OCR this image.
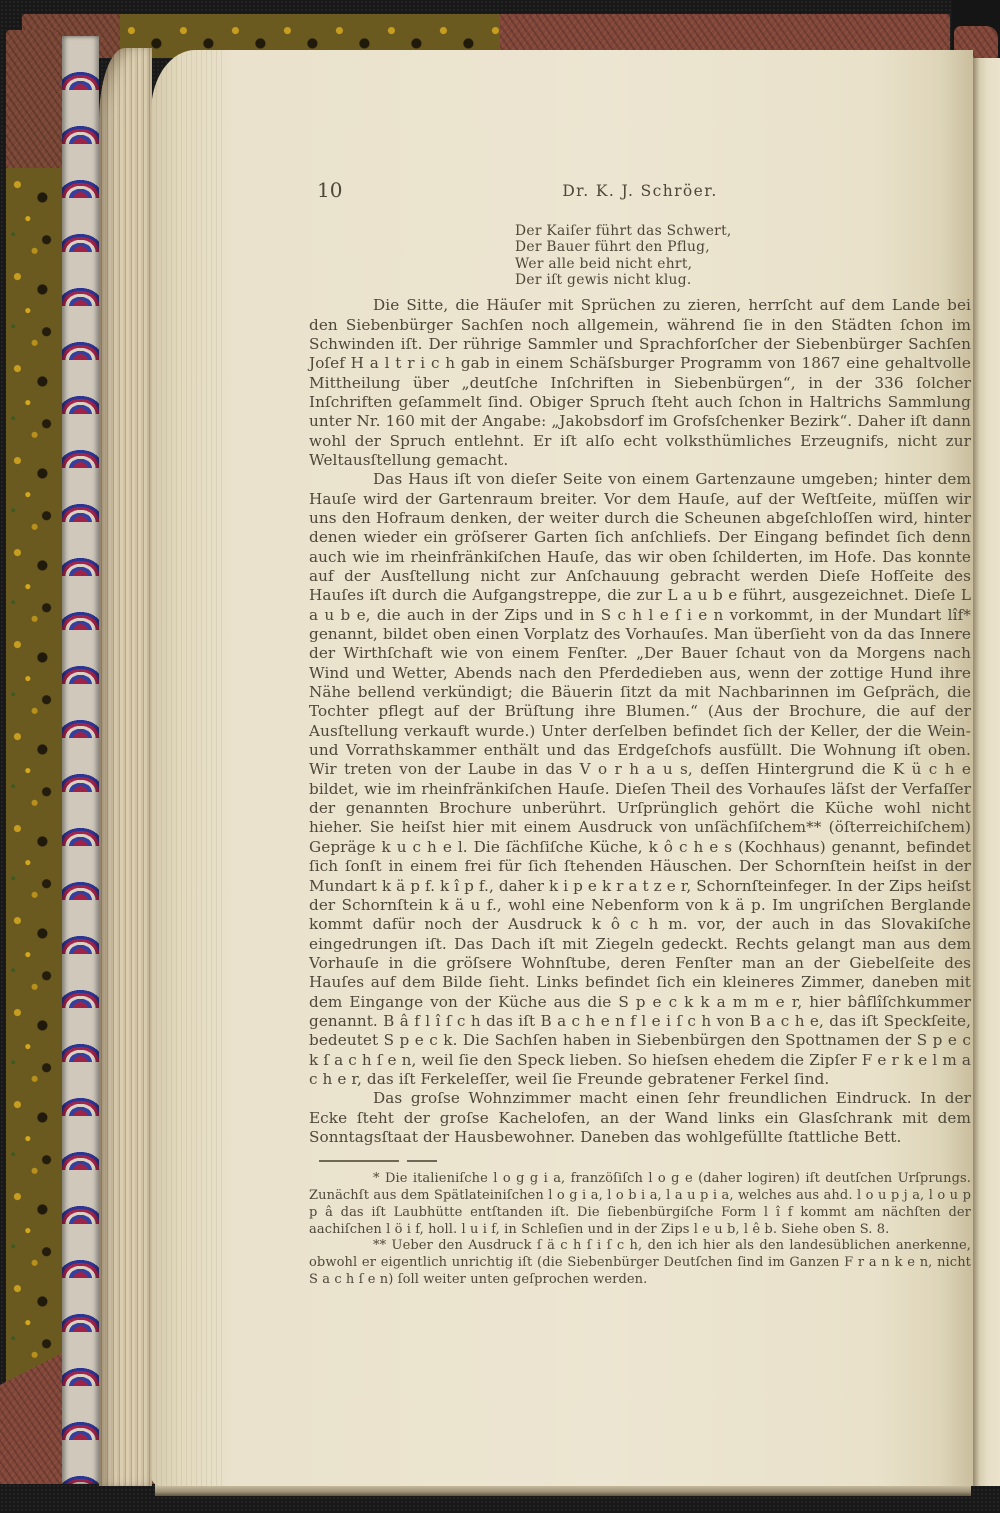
10	Dr. K. J. Schröer.
Der Kaiſer führt das Schwert,
Der Bauer führt den Pflug,
Wer alle beid nicht ehrt,
Der iſt gewis nicht klug.

Die Sitte, die Häuſer mit Sprüchen zu zieren, herrſcht auf dem Lande bei den Siebenbürger Sachſen noch allgemein, während ſie in den Städten ſchon im Schwinden iſt. Der rührige Sammler und Sprachforſcher der Siebenbürger Sachſen Joſef H a l t r i c h gab in einem Schäſsburger Programm von 1867 eine gehaltvolle Mittheilung über „deutſche Inſchriften in Siebenbürgen“, in der 336 ſolcher Inſchriften geſammelt ſind. Obiger Spruch ſteht auch ſchon in Haltrichs Sammlung unter Nr. 160 mit der Angabe: „Jakobsdorf im Grofsſchenker Bezirk“. Daher iſt dann wohl der Spruch entlehnt. Er iſt alſo echt volksthümliches Erzeugnifs, nicht zur Weltausſtellung gemacht.

Das Haus iſt von dieſer Seite von einem Gartenzaune umgeben; hinter dem Hauſe wird der Gartenraum breiter. Vor dem Hauſe, auf der Weſtſeite, müſſen wir uns den Hofraum denken, der weiter durch die Scheunen abgeſchloſſen wird, hinter denen wieder ein gröſserer Garten ſich anſchliefs. Der Eingang befindet ſich denn auch wie im rheinfränkiſchen Hauſe, das wir oben ſchilderten, im Hofe. Das konnte auf der Ausſtellung nicht zur Anſchauung gebracht werden Dieſe Hofſeite des Hauſes iſt durch die Aufgangstreppe, die zur L a u b e führt, ausgezeichnet. Dieſe L a u b e, die auch in der Zips und in S c h l e ſ i e n vorkommt, in der Mundart lîf* genannt, bildet oben einen Vorplatz des Vorhauſes. Man überſieht von da das Innere der Wirthſchaft wie von einem Fenſter. „Der Bauer ſchaut von da Morgens nach Wind und Wetter, Abends nach den Pferdedieben aus, wenn der zottige Hund ihre Nähe bellend verkündigt; die Bäuerin ſitzt da mit Nachbarinnen im Geſpräch, die Tochter pflegt auf der Brüſtung ihre Blumen.“ (Aus der Brochure, die auf der Ausſtellung verkauft wurde.) Unter derſelben befindet ſich der Keller, der die Wein- und Vorrathskammer enthält und das Erdgeſchofs ausfüllt. Die Wohnung iſt oben. Wir treten von der Laube in das V o r h a u s, deſſen Hintergrund die K ü c h e bildet, wie im rheinfränkiſchen Hauſe. Dieſen Theil des Vorhauſes läſst der Verfaſſer der genannten Brochure unberührt. Urſprünglich gehört die Küche wohl nicht hieher. Sie heiſst hier mit einem Ausdruck von unſächſiſchem** (öſterreichiſchem) Gepräge k u c h e l. Die ſächſiſche Küche, k ô c h e s (Kochhaus) genannt, befindet ſich ſonſt in einem frei für ſich ſtehenden Häuschen. Der Schornſtein heiſst in der Mundart k ä p f. k î p f., daher k i p e k r a t z e r, Schornſteinfeger. In der Zips heiſst der Schornſtein k ä u f., wohl eine Nebenform von k ä p. Im ungriſchen Berglande kommt dafür noch der Ausdruck k ô c h m. vor, der auch in das Slovakiſche eingedrungen iſt. Das Dach iſt mit Ziegeln gedeckt. Rechts gelangt man aus dem Vorhauſe in die gröſsere Wohnſtube, deren Fenſter man an der Giebelſeite des Hauſes auf dem Bilde ſieht. Links befindet ſich ein kleineres Zimmer, daneben mit dem Eingange von der Küche aus die S p e c k k a m m e r, hier bâflîſchkummer genannt. B â f l î ſ c h das iſt B a c h e n f l e i ſ c h von B a c h e, das iſt Speckſeite, bedeutet S p e c k. Die Sachſen haben in Siebenbürgen den Spottnamen der S p e c k ſ a c h ſ e n, weil ſie den Speck lieben. So hieſsen ehedem die Zipſer F e r k e l m a c h e r, das iſt Ferkeleſſer, weil ſie Freunde gebratener Ferkel ſind.

Das groſse Wohnzimmer macht einen ſehr freundlichen Eindruck. In der Ecke ſteht der groſse Kachelofen, an der Wand links ein Glasſchrank mit dem Sonntagsſtaat der Hausbewohner. Daneben das wohlgefüllte ſtattliche Bett.

* Die italieniſche l o g g i a, franzöſiſch l o g e (daher logiren) iſt deutſchen Urſprungs. Zunächſt aus dem Spätlateiniſchen l o g i a, l o b i a, l a u p i a, welches aus ahd. l o u p j a, l o u p p â das iſt Laubhütte entſtanden iſt. Die ſiebenbürgiſche Form l î f kommt am nächſten der aachiſchen l ö i f, holl. l u i f, in Schleſien und in der Zips l e u b, l ê b. Siehe oben S. 8.

** Ueber den Ausdruck ſ ä c h ſ i ſ c h, den ich hier als den landesüblichen anerkenne, obwohl er eigentlich unrichtig iſt (die Siebenbürger Deutſchen ſind im Ganzen F r a n k e n, nicht S a c h ſ e n) ſoll weiter unten geſprochen werden.
